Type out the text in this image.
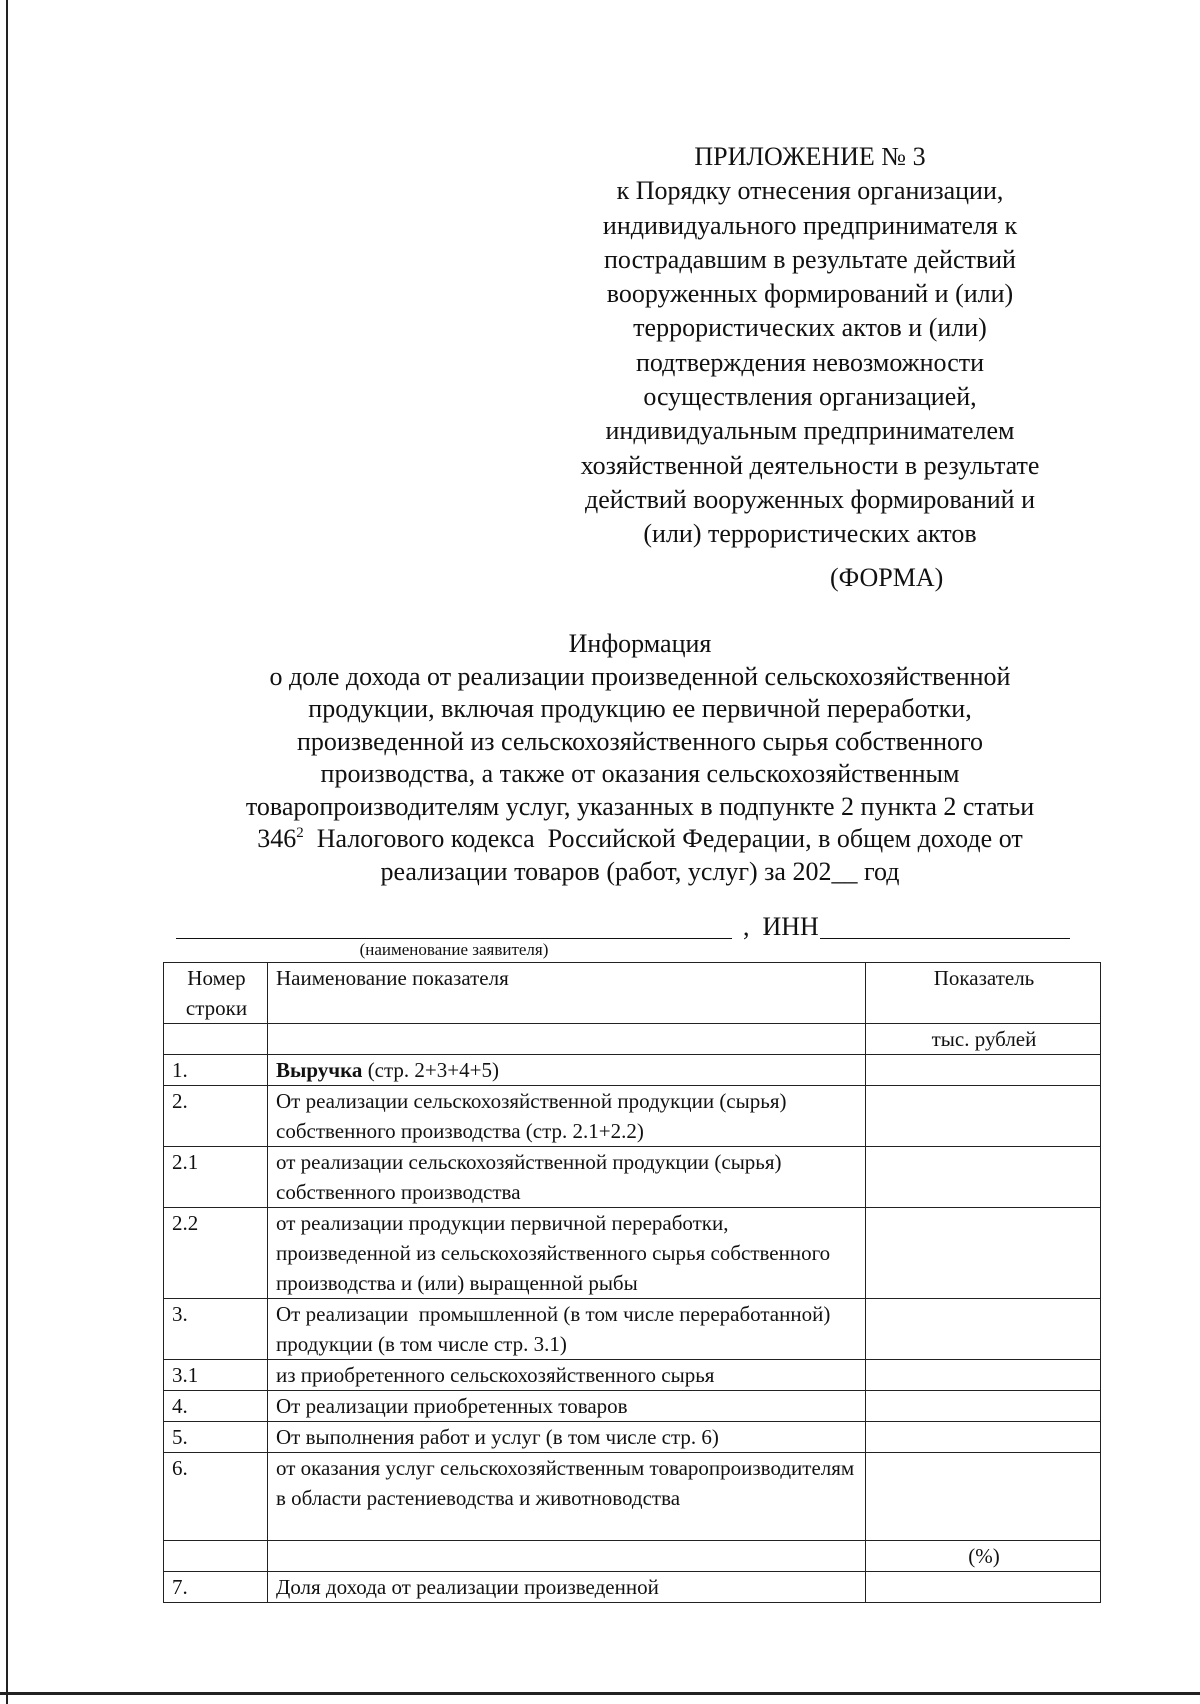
ПРИЛОЖЕНИЕ № 3
к Порядку отнесения организации,
индивидуального предпринимателя к
пострадавшим в результате действий
вооруженных формирований и (или)
террористических актов и (или)
подтверждения невозможности
осуществления организацией,
индивидуальным предпринимателем
хозяйственной деятельности в результате
действий вооруженных формирований и
(или) террористических актов
(ФОРМА)
Информация
о доле дохода от реализации произведенной сельскохозяйственной
продукции, включая продукцию ее первичной переработки,
произведенной из сельскохозяйственного сырья собственного
производства, а также от оказания сельскохозяйственным
товаропроизводителям услуг, указанных в подпункте 2 пункта 2 статьи
$346^2$  Налогового кодекса  Российской Федерации, в общем доходе от
реализации товаров (работ, услуг) за 202__ год
,  ИНН
(наименование заявителя)
Номер строки	Наименование показателя	Показатель
		тыс. рублей
1.	Выручка (стр. 2+3+4+5)	
2.	От реализации сельскохозяйственной продукции (сырья) собственного производства (стр. 2.1+2.2)	
2.1	от реализации сельскохозяйственной продукции (сырья) собственного производства	
2.2	от реализации продукции первичной переработки, произведенной из сельскохозяйственного сырья собственного производства и (или) выращенной рыбы	
3.	От реализации  промышленной (в том числе переработанной) продукции (в том числе стр. 3.1)	
3.1	из приобретенного сельскохозяйственного сырья	
4.	От реализации приобретенных товаров	
5.	От выполнения работ и услуг (в том числе стр. 6)	
6.	от оказания услуг сельскохозяйственным товаропроизводителям в области растениеводства и животноводства	
		(%)
7.	Доля дохода от реализации произведенной	
